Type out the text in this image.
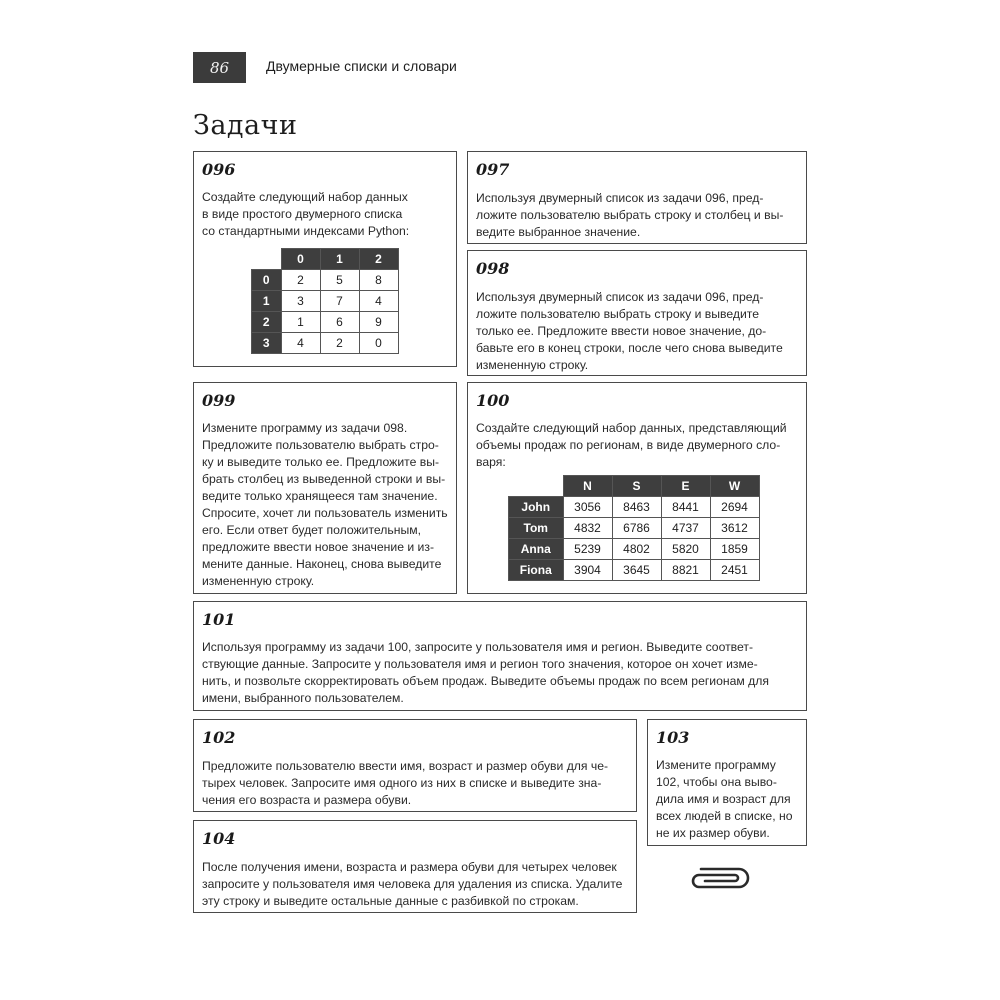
86	Двумерные списки и словари
Задачи
096
Создайте следующий набор данных
в виде простого двумерного списка
со стандартными индексами Python:
	0	1	2
0	2	5	8
1	3	7	4
2	1	6	9
3	4	2	0
097
Используя двумерный список из задачи 096, пред-
ложите пользователю выбрать строку и столбец и вы-
ведите выбранное значение.
098
Используя двумерный список из задачи 096, пред-
ложите пользователю выбрать строку и выведите
только ее. Предложите ввести новое значение, до-
бавьте его в конец строки, после чего снова выведите
измененную строку.
099
Измените программу из задачи 098.
Предложите пользователю выбрать стро-
ку и выведите только ее. Предложите вы-
брать столбец из выведенной строки и вы-
ведите только хранящееся там значение.
Спросите, хочет ли пользователь изменить
его. Если ответ будет положительным,
предложите ввести новое значение и из-
мените данные. Наконец, снова выведите
измененную строку.
100
Создайте следующий набор данных, представляющий
объемы продаж по регионам, в виде двумерного сло-
варя:
	N	S	E	W
John	3056	8463	8441	2694
Tom	4832	6786	4737	3612
Anna	5239	4802	5820	1859
Fiona	3904	3645	8821	2451
101
Используя программу из задачи 100, запросите у пользователя имя и регион. Выведите соответ-
ствующие данные. Запросите у пользователя имя и регион того значения, которое он хочет изме-
нить, и позвольте скорректировать объем продаж. Выведите объемы продаж по всем регионам для
имени, выбранного пользователем.
102
Предложите пользователю ввести имя, возраст и размер обуви для че-
тырех человек. Запросите имя одного из них в списке и выведите зна-
чения его возраста и размера обуви.
103
Измените программу
102, чтобы она выво-
дила имя и возраст для
всех людей в списке, но
не их размер обуви.
104
После получения имени, возраста и размера обуви для четырех человек
запросите у пользователя имя человека для удаления из списка. Удалите
эту строку и выведите остальные данные с разбивкой по строкам.
